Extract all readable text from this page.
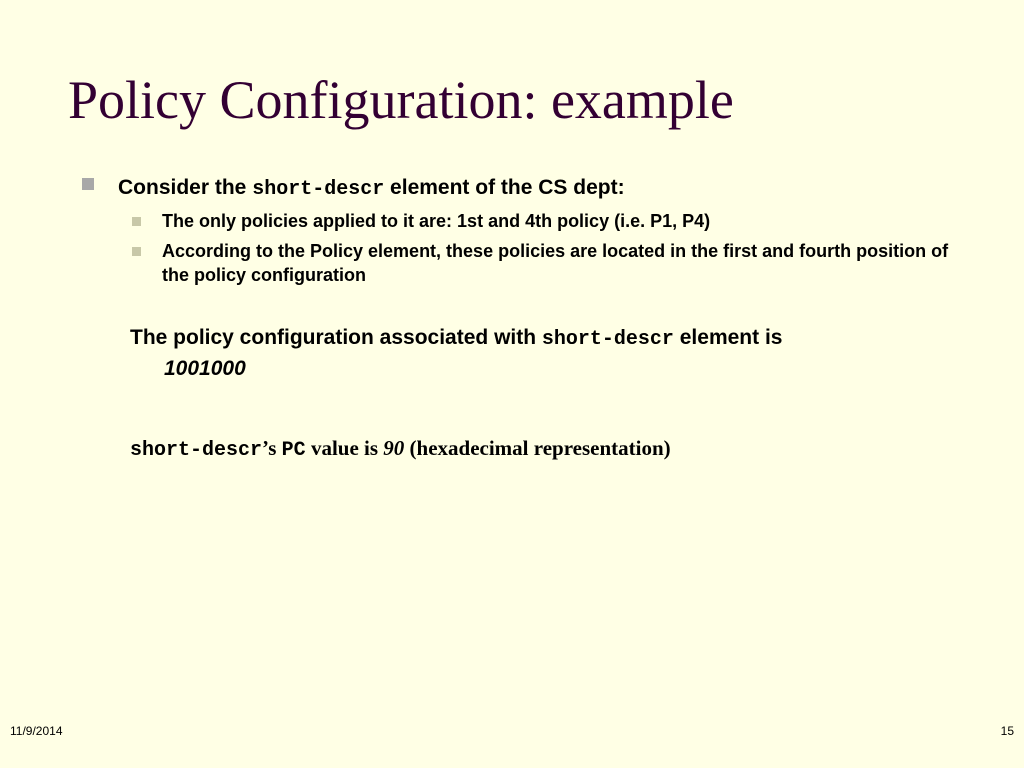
Policy Configuration: example
Consider the short-descr element of the CS dept:
The only policies applied to it are: 1st and 4th policy (i.e. P1, P4)
According to the Policy element, these policies are located in the first and fourth position of the policy configuration
The policy configuration associated with short-descr element is
1001000
short-descr’s PC value is 90 (hexadecimal representation)
11/9/2014	15
